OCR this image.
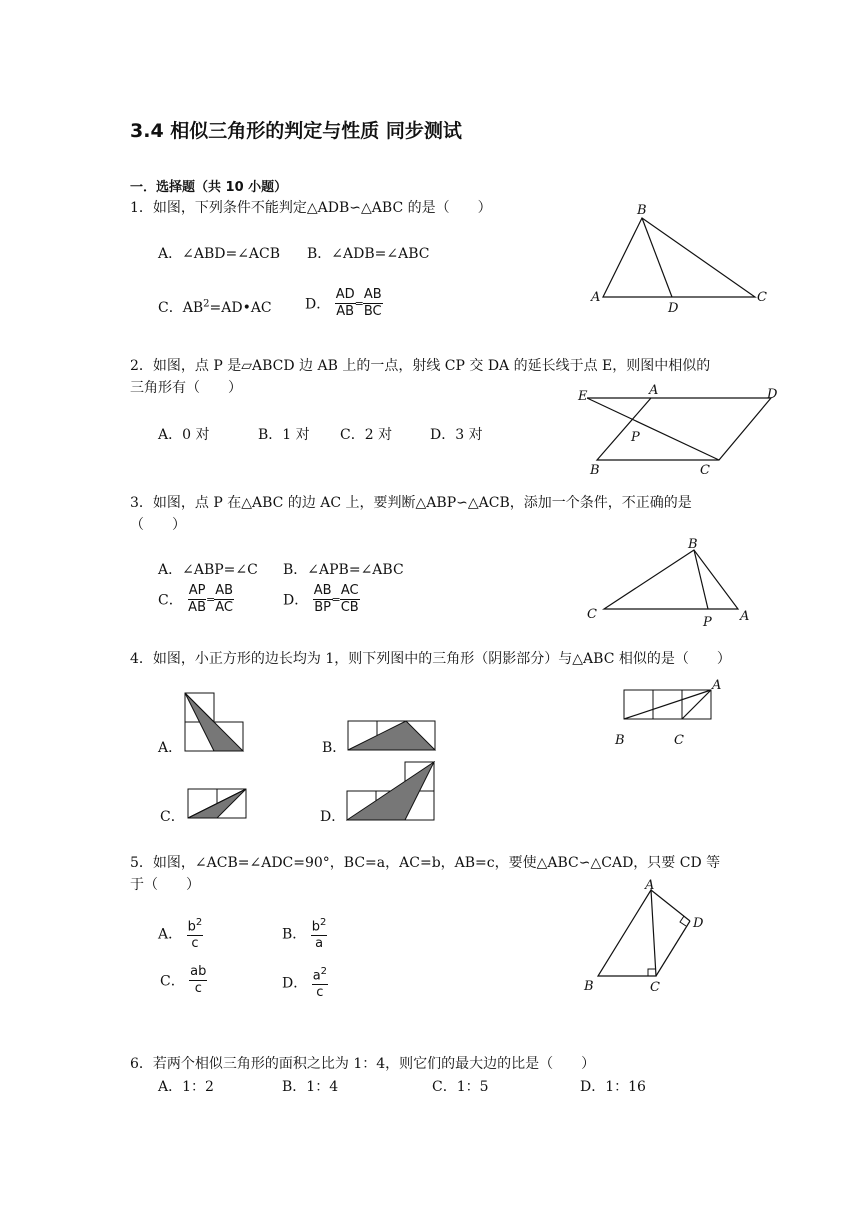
3.4 相似三角形的判定与性质 同步测试
一．选择题（共 10 小题）
1．如图，下列条件不能判定△ADB∽△ABC 的是（　　）
A．∠ABD=∠ACB B．∠ADB=∠ABC
C．$AB^2=AD•AC$ D． $\frac{AD}{AB} = \frac{AB}{BC}$
B
A
D
C
2．如图，点 P 是▱ABCD 边 AB 上的一点，射线 CP 交 DA 的延长线于点 E，则图中相似的
三角形有（　　）
A．0 对	B．1 对 C．2 对	D．3 对
E	A	D
P
B	C
3．如图，点 P 在△ABC 的边 AC 上，要判断△ABP∽△ACB，添加一个条件，不正确的是
（　　）
A．∠ABP=∠C B．∠APB=∠ABC
C． $\frac{AP}{AB} = \frac{AB}{AC}$	D． $\frac{AB}{BP} = \frac{AC}{CB}$
B
C
P A
4．如图，小正方形的边长均为 1，则下列图中的三角形（阴影部分）与△ABC 相似的是（　　）
A
B	C
A．	B．
C．	D．
5．如图，∠ACB=∠ADC=90°，BC=a，AC=b，AB=c，要使△ABC∽△CAD，只要 CD 等
于（　　）
A． $\frac{b^2}{c}$	B． $\frac{b^2}{a}$
C． $\frac{ab}{c}$	D． $\frac{a^2}{c}$
A
D
B	C
6．若两个相似三角形的面积之比为 1：4，则它们的最大边的比是（　　）
A．1：2	B．1：4	C．1：5	D．1：16
